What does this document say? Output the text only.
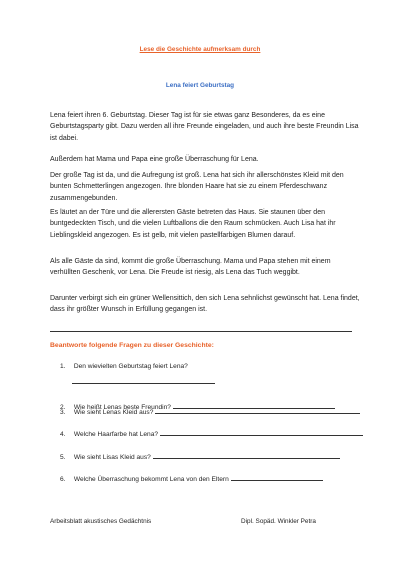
Lese die Geschichte aufmerksam durch
Lena feiert Geburtstag

Lena feiert ihren 6. Geburtstag. Dieser Tag ist für sie etwas ganz Besonderes, da es eine Geburtstagsparty gibt. Dazu werden all ihre Freunde eingeladen, und auch ihre beste Freundin Lisa ist dabei.

Außerdem hat Mama und Papa eine große Überraschung für Lena.

Der große Tag ist da, und die Aufregung ist groß. Lena hat sich ihr allerschönstes Kleid mit den bunten Schmetterlingen angezogen. Ihre blonden Haare hat sie zu einem Pferdeschwanz zusammengebunden.

Es läutet an der Türe und die allerersten Gäste betreten das Haus. Sie staunen über den buntgedeckten Tisch, und die vielen Luftballons die den Raum schmücken. Auch Lisa hat ihr Lieblingskleid angezogen. Es ist gelb, mit vielen pastellfarbigen Blumen darauf.

Als alle Gäste da sind, kommt die große Überraschung. Mama und Papa stehen mit einem verhüllten Geschenk, vor Lena. Die Freude ist riesig, als Lena das Tuch weggibt.

Darunter verbirgt sich ein grüner Wellensittich, den sich Lena sehnlichst gewünscht hat. Lena findet, dass ihr größter Wunsch in Erfüllung gegangen ist.

Beantworte folgende Fragen zu dieser Geschichte:
1. Den wievielten Geburtstag feiert Lena?
2. Wie heißt Lenas beste Freundin?
3. Wie sieht Lenas Kleid aus?
4. Welche Haarfarbe hat Lena?
5. Wie sieht Lisas Kleid aus?
6. Welche Überraschung bekommt Lena von den Eltern
Arbeitsblatt akustisches Gedächtnis	Dipl. Sopäd. Winkler Petra
